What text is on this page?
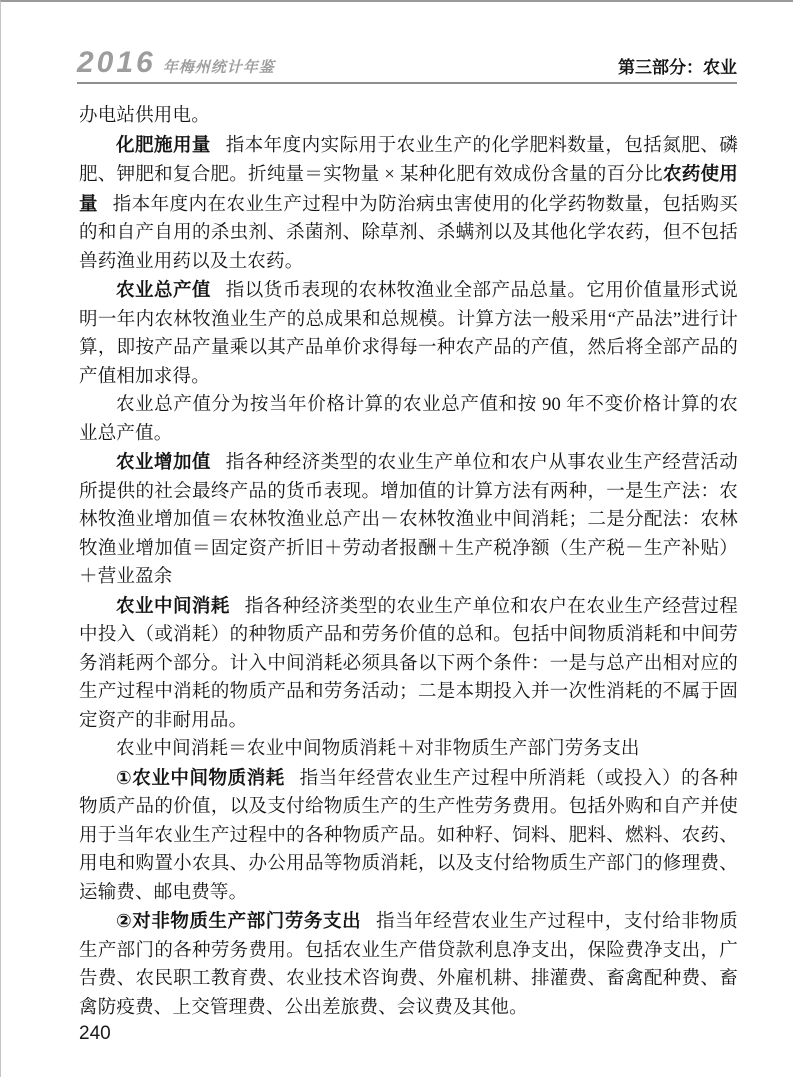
2016 年梅州统计年鉴	第三部分：农业

办电站供用电。

化肥施用量 指本年度内实际用于农业生产的化学肥料数量，包括氮肥、磷肥、钾肥和复合肥。折纯量＝实物量 × 某种化肥有效成份含量的百分比农药使用量 指本年度内在农业生产过程中为防治病虫害使用的化学药物数量，包括购买的和自产自用的杀虫剂、杀菌剂、除草剂、杀螨剂以及其他化学农药，但不包括兽药渔业用药以及土农药。

农业总产值 指以货币表现的农林牧渔业全部产品总量。它用价值量形式说明一年内农林牧渔业生产的总成果和总规模。计算方法一般采用“产品法”进行计算，即按产品产量乘以其产品单价求得每一种农产品的产值，然后将全部产品的产值相加求得。

农业总产值分为按当年价格计算的农业总产值和按 90 年不变价格计算的农业总产值。

农业增加值 指各种经济类型的农业生产单位和农户从事农业生产经营活动所提供的社会最终产品的货币表现。增加值的计算方法有两种，一是生产法：农林牧渔业增加值＝农林牧渔业总产出－农林牧渔业中间消耗；二是分配法：农林牧渔业增加值＝固定资产折旧＋劳动者报酬＋生产税净额（生产税－生产补贴）＋营业盈余

农业中间消耗 指各种经济类型的农业生产单位和农户在农业生产经营过程中投入（或消耗）的种物质产品和劳务价值的总和。包括中间物质消耗和中间劳务消耗两个部分。计入中间消耗必须具备以下两个条件：一是与总产出相对应的生产过程中消耗的物质产品和劳务活动；二是本期投入并一次性消耗的不属于固定资产的非耐用品。

农业中间消耗＝农业中间物质消耗＋对非物质生产部门劳务支出

①农业中间物质消耗 指当年经营农业生产过程中所消耗（或投入）的各种物质产品的价值，以及支付给物质生产的生产性劳务费用。包括外购和自产并使用于当年农业生产过程中的各种物质产品。如种籽、饲料、肥料、燃料、农药、用电和购置小农具、办公用品等物质消耗，以及支付给物质生产部门的修理费、运输费、邮电费等。

②对非物质生产部门劳务支出 指当年经营农业生产过程中，支付给非物质生产部门的各种劳务费用。包括农业生产借贷款利息净支出，保险费净支出，广告费、农民职工教育费、农业技术咨询费、外雇机耕、排灌费、畜禽配种费、畜禽防疫费、上交管理费、公出差旅费、会议费及其他。

240
